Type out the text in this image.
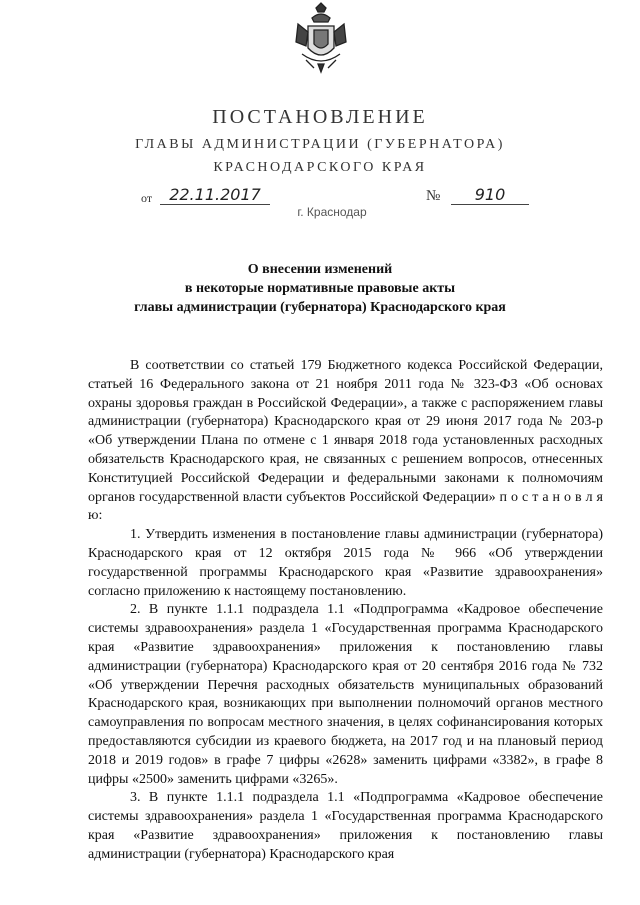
ПОСТАНОВЛЕНИЕ
ГЛАВЫ АДМИНИСТРАЦИИ (ГУБЕРНАТОРА)
КРАСНОДАРСКОГО КРАЯ
от	22.11.2017	№	910
г. Краснодар
О внесении изменений
в некоторые нормативные правовые акты
главы администрации (губернатора) Краснодарского края

В соответствии со статьей 179 Бюджетного кодекса Российской Федерации, статьей 16 Федерального закона от 21 ноября 2011 года № 323-ФЗ «Об основах охраны здоровья граждан в Российской Федерации», а также с распоряжением главы администрации (губернатора) Краснодарского края от 29 июня 2017 года № 203-р «Об утверждении Плана по отмене с 1 января 2018 года установленных расходных обязательств Краснодарского края, не связанных с решением вопросов, отнесенных Конституцией Российской Федерации и федеральными законами к полномочиям органов государственной власти субъектов Российской Федерации» п о с т а н о в л я ю:

1. Утвердить изменения в постановление главы администрации (губернатора) Краснодарского края от 12 октября 2015 года № 966 «Об утверждении государственной программы Краснодарского края «Развитие здравоохранения» согласно приложению к настоящему постановлению.

2. В пункте 1.1.1 подраздела 1.1 «Подпрограмма «Кадровое обеспечение системы здравоохранения» раздела 1 «Государственная программа Краснодарского края «Развитие здравоохранения» приложения к постановлению главы администрации (губернатора) Краснодарского края от 20 сентября 2016 года № 732 «Об утверждении Перечня расходных обязательств муниципальных образований Краснодарского края, возникающих при выполнении полномочий органов местного самоуправления по вопросам местного значения, в целях софинансирования которых предоставляются субсидии из краевого бюджета, на 2017 год и на плановый период 2018 и 2019 годов» в графе 7 цифры «2628» заменить цифрами «3382», в графе 8 цифры «2500» заменить цифрами «3265».

3. В пункте 1.1.1 подраздела 1.1 «Подпрограмма «Кадровое обеспечение системы здравоохранения» раздела 1 «Государственная программа Краснодарского края «Развитие здравоохранения» приложения к постановлению главы администрации (губернатора) Краснодарского края
